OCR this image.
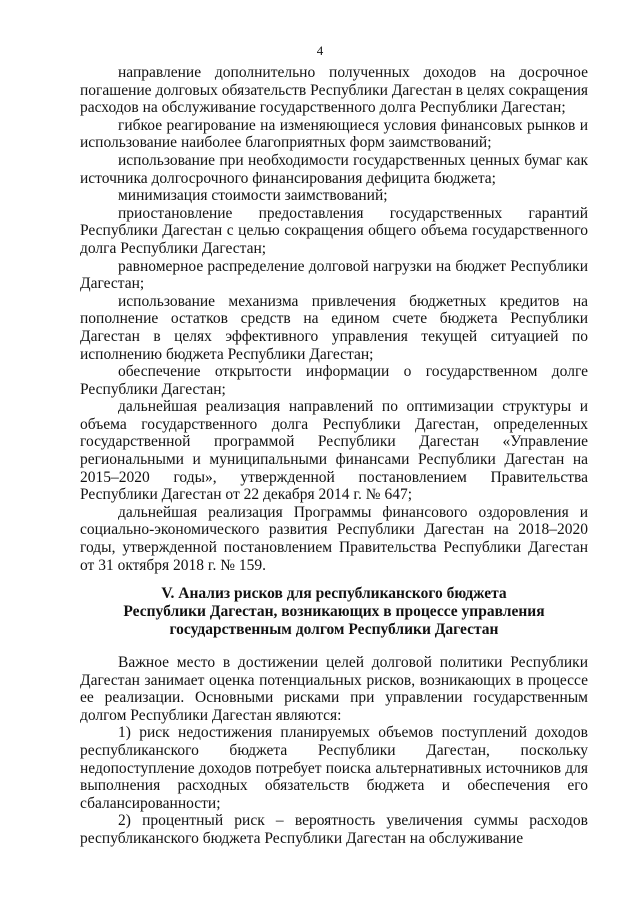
4

направление дополнительно полученных доходов на досрочное погашение долговых обязательств Республики Дагестан в целях сокращения расходов на обслуживание государственного долга Республики Дагестан;

гибкое реагирование на изменяющиеся условия финансовых рынков и использование наиболее благоприятных форм заимствований;

использование при необходимости государственных ценных бумаг как источника долгосрочного финансирования дефицита бюджета;

минимизация стоимости заимствований;

приостановление предоставления государственных гарантий Республики Дагестан с целью сокращения общего объема государственного долга Республики Дагестан;

равномерное распределение долговой нагрузки на бюджет Республики Дагестан;

использование механизма привлечения бюджетных кредитов на пополнение остатков средств на едином счете бюджета Республики Дагестан в целях эффективного управления текущей ситуацией по исполнению бюджета Республики Дагестан;

обеспечение открытости информации о государственном долге Республики Дагестан;

дальнейшая реализация направлений по оптимизации структуры и объема государственного долга Республики Дагестан, определенных государственной программой Республики Дагестан «Управление региональными и муниципальными финансами Республики Дагестан на 2015–2020 годы», утвержденной постановлением Правительства Республики Дагестан от 22 декабря 2014 г. № 647;

дальнейшая реализация Программы финансового оздоровления и социально-экономического развития Республики Дагестан на 2018–2020 годы, утвержденной постановлением Правительства Республики Дагестан от 31 октября 2018 г. № 159.

V. Анализ рисков для республиканского бюджета
Республики Дагестан, возникающих в процессе управления
государственным долгом Республики Дагестан

Важное место в достижении целей долговой политики Республики Дагестан занимает оценка потенциальных рисков, возникающих в процессе ее реализации. Основными рисками при управлении государственным долгом Республики Дагестан являются:

1) риск недостижения планируемых объемов поступлений доходов республиканского бюджета Республики Дагестан, поскольку недопоступление доходов потребует поиска альтернативных источников для выполнения расходных обязательств бюджета и обеспечения его сбалансированности;

2) процентный риск – вероятность увеличения суммы расходов республиканского бюджета Республики Дагестан на обслуживание
